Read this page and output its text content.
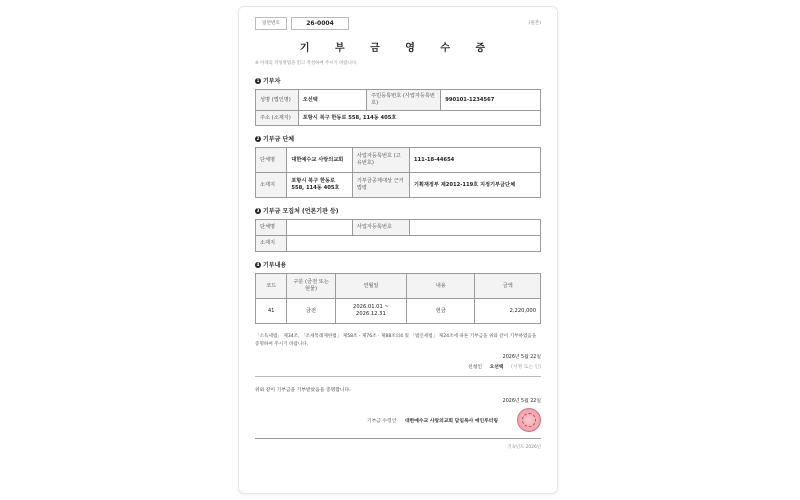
일련번호	26-0004	(원본)
기 부 금 영 수 증
※ 아래의 작성방법을 읽고 작성하여 주시기 바랍니다.
1 기부자
성명 (법인명)	오선택	주민등록번호 (사업자등록번호)	990101-1234567
주소 (소재지)	포항시 북구 한동로 558, 114동 405호		
2 기부금 단체
단체명	대한예수교 사랑의교회	사업자등록번호 (고유번호)	111-18-44654
소재지	포항시 북구 한동로 558, 114동 405호	기부금공제대상 근거법령	기획재정부 제2012-119호 지정기부금단체
3 기부금 모집처 (언론기관 등)
단체명		사업자등록번호	
소재지			
4 기부내용
코드	구분 (금전 또는 현물)	연월일	내용	금액
41	금전	2026.01.01 ~ 2026.12.31	헌금	2,220,000
「소득세법」 제34조, 「조세특례제한법」 제58조 · 제76조 · 제88조의4 및 「법인세법」 제24조에 따른 기부금을 위와 같이 기부하였음을 증명하여 주시기 바랍니다.
2026년 5월 22일
신청인 오선택 (서명 또는 인)
위와 같이 기부금을 기부받았음을 증명합니다.
2026년 5월 22일
기부금 수령인 대한예수교 사랑의교회 담임목사 애인루터링
귀속년도 2026년
